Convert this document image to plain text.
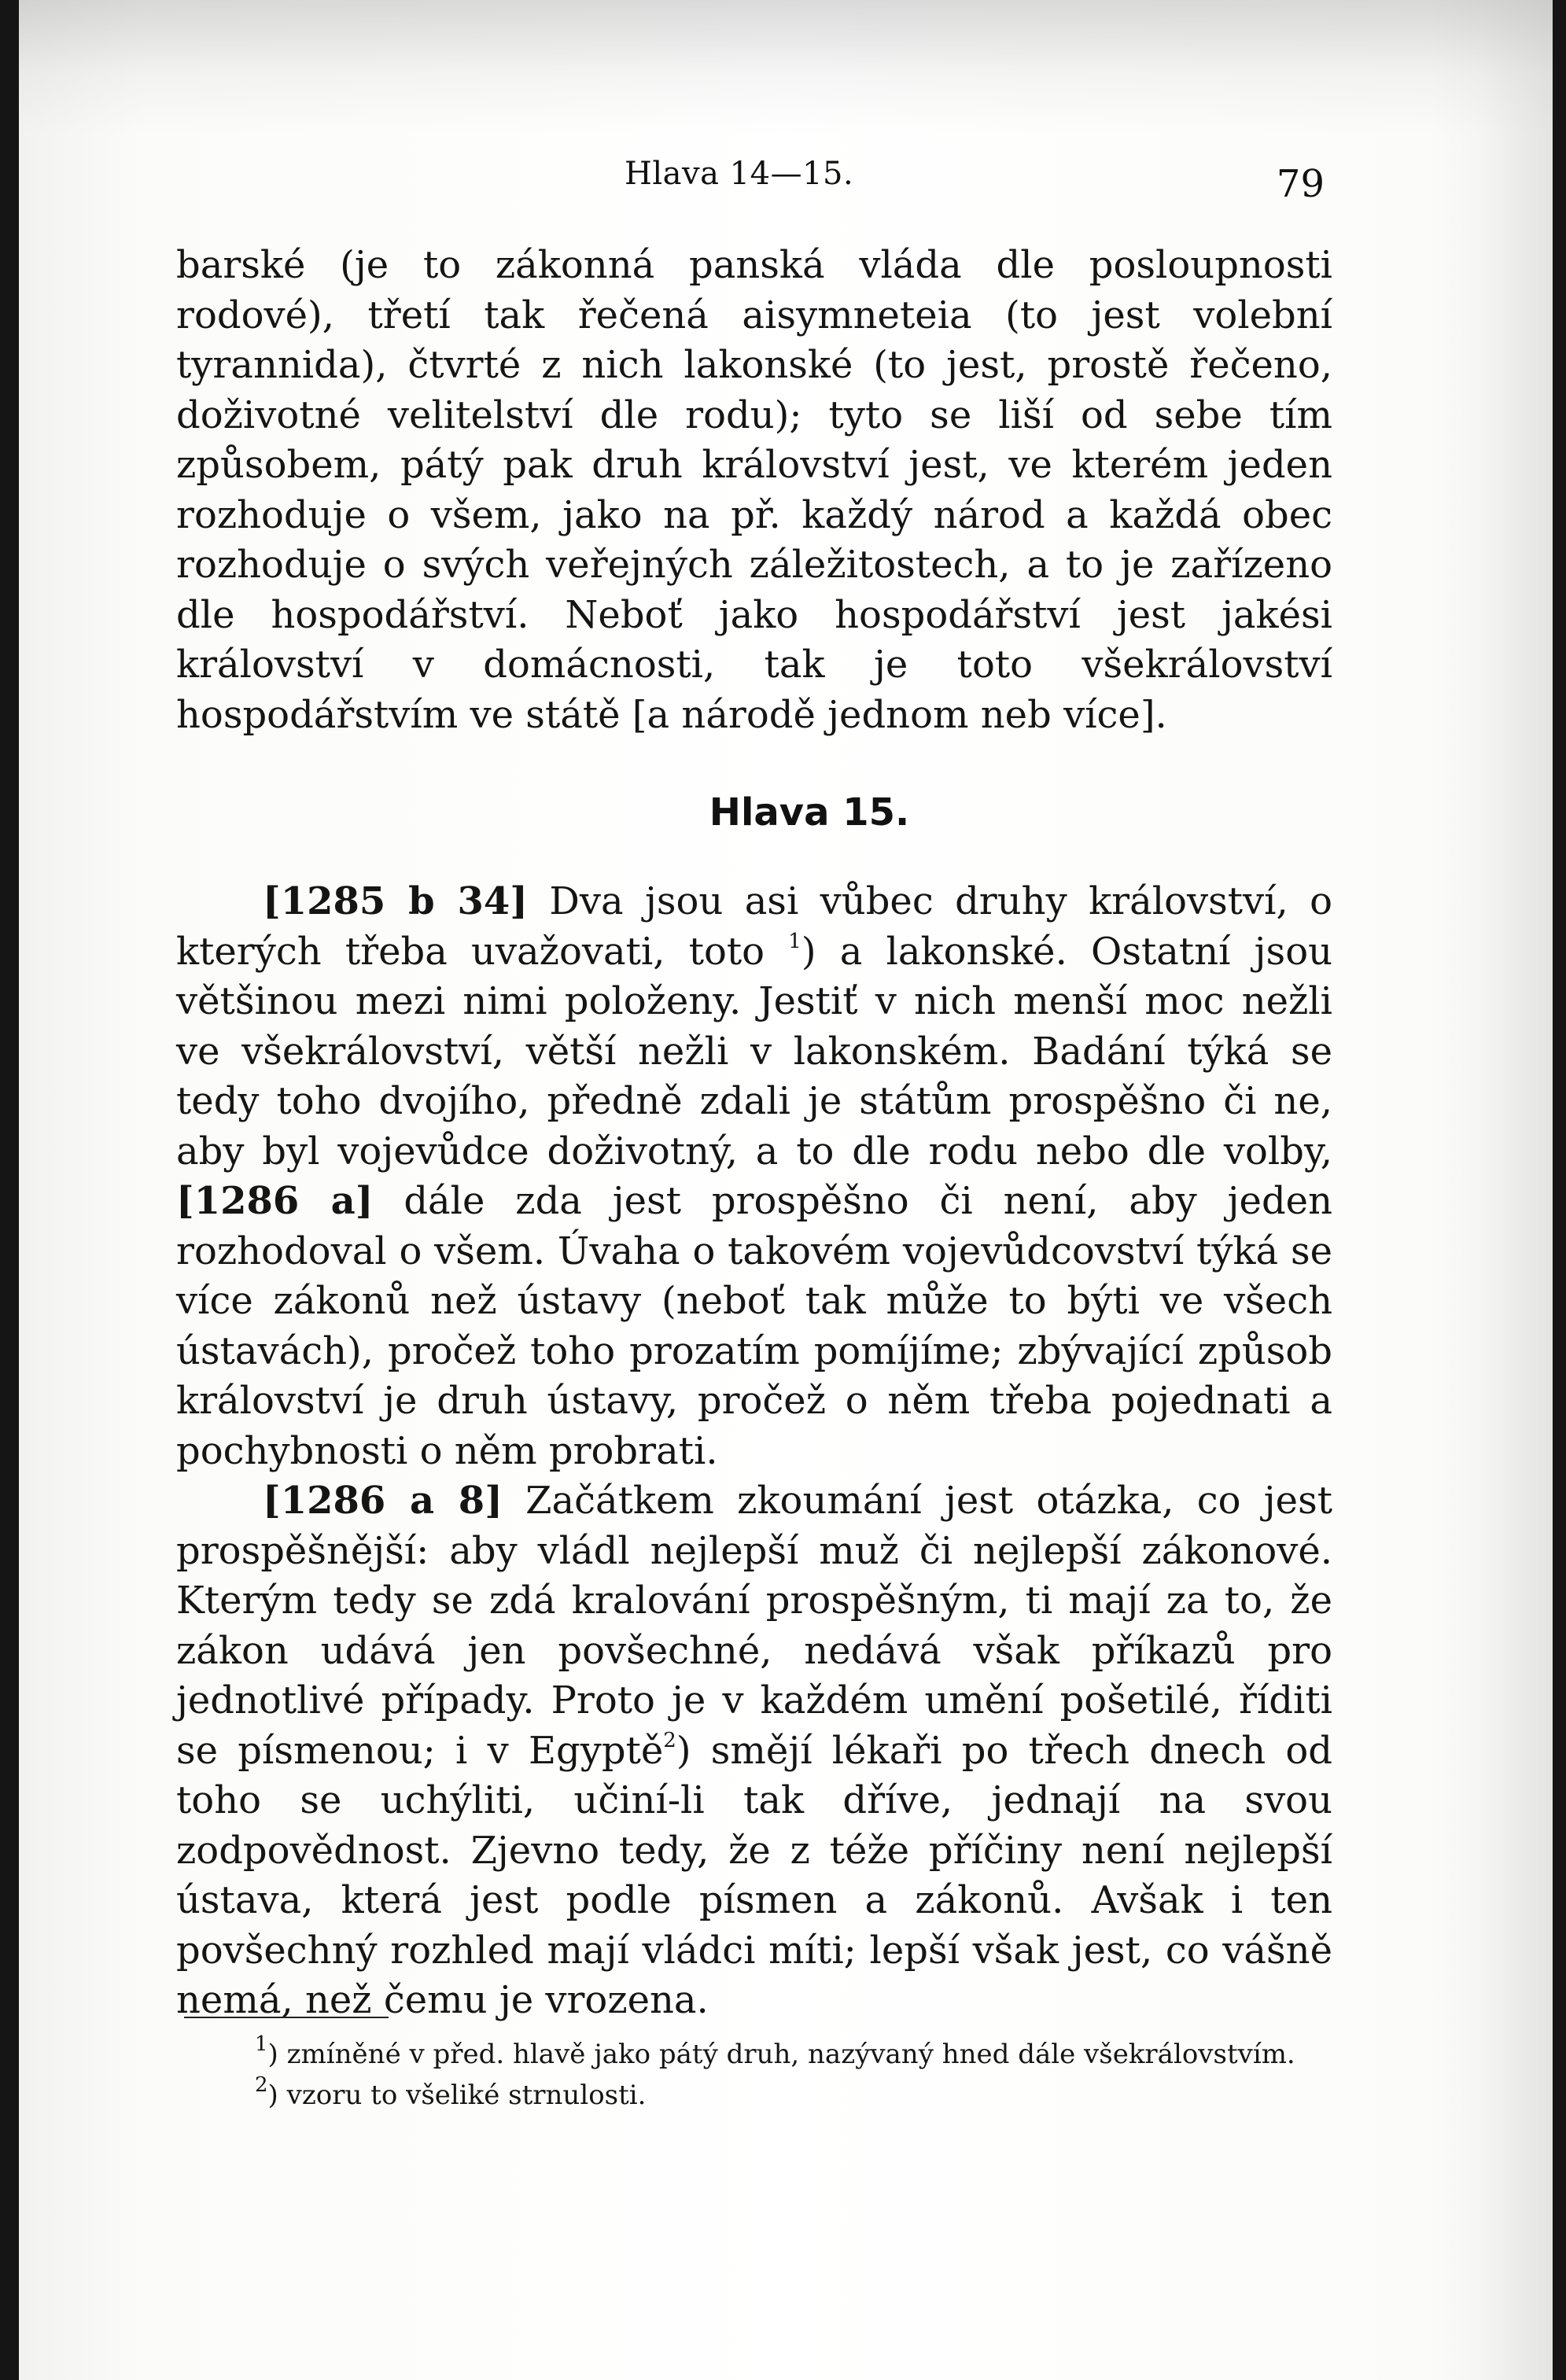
Hlava 14—15.	79

barské (je to zákonná panská vláda dle posloupnosti rodové), třetí tak řečená aisymneteia (to jest volební tyrannida), čtvrté z nich lakonské (to jest, prostě řečeno, doživotné velitelství dle rodu); tyto se liší od sebe tím způsobem, pátý pak druh království jest, ve kterém jeden rozhoduje o všem, jako na př. každý národ a každá obec rozhoduje o svých veřejných záležitostech, a to je zařízeno dle hospodářství. Neboť jako hospodářství jest jakési království v domácnosti, tak je toto všekrálovství hospodářstvím ve státě [a národě jednom neb více].

Hlava 15.

[1285 b 34] Dva jsou asi vůbec druhy království, o kterých třeba uvažovati, toto $^1$) a lakonské. Ostatní jsou většinou mezi nimi položeny. Jestiť v nich menší moc nežli ve všekrálovství, větší nežli v lakonském. Badání týká se tedy toho dvojího, předně zdali je státům prospěšno či ne, aby byl vojevůdce doživotný, a to dle rodu nebo dle volby, [1286 a] dále zda jest prospěšno či není, aby jeden rozhodoval o všem. Úvaha o takovém vojevůdcovství týká se více zákonů než ústavy (neboť tak může to býti ve všech ústavách), pročež toho prozatím pomíjíme; zbývající způsob království je druh ústavy, pročež o něm třeba pojednati a pochybnosti o něm probrati.

[1286 a 8] Začátkem zkoumání jest otázka, co jest prospěšnější: aby vládl nejlepší muž či nejlepší zákonové. Kterým tedy se zdá kralování prospěšným, ti mají za to, že zákon udává jen povšechné, nedává však příkazů pro jednotlivé případy. Proto je v každém umění pošetilé, říditi se písmenou; i v Egyptě$^2$) smějí lékaři po třech dnech od toho se uchýliti, učiní-li tak dříve, jednají na svou zodpovědnost. Zjevno tedy, že z téže příčiny není nejlepší ústava, která jest podle písmen a zákonů. Avšak i ten povšechný rozhled mají vládci míti; lepší však jest, co vášně nemá, než čemu je vrozena.

$^1$) zmíněné v před. hlavě jako pátý druh, nazývaný hned dále všekrálovstvím.

$^2$) vzoru to všeliké strnulosti.
